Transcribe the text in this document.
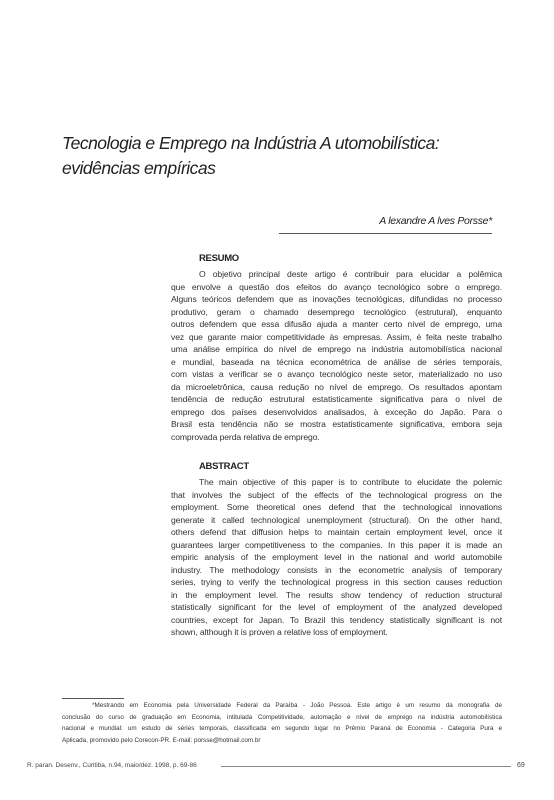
Tecnologia e Emprego na Indústria A utomobilística:
evidências empíricas
A lexandre A lves Porsse*
RESUMO
O objetivo principal deste artigo é contribuir para elucidar a polêmica
que envolve a questão dos efeitos do avanço tecnológico sobre o emprego.
Alguns teóricos defendem que as inovações tecnológicas, difundidas no processo
produtivo, geram o chamado desemprego tecnológico (estrutural), enquanto
outros defendem que essa difusão ajuda a manter certo nível de emprego, uma
vez que garante maior competitividade às empresas. Assim, é feita neste trabalho
uma análise empírica do nível de emprego na indústria automobilística nacional
e mundial, baseada na técnica econométrica de análise de séries temporais,
com vistas a verificar se o avanço tecnológico neste setor, materializado no uso
da microeletrônica, causa redução no nível de emprego. Os resultados apontam
tendência de redução estrutural estatisticamente significativa para o nível de
emprego dos países desenvolvidos analisados, à exceção do Japão. Para o
Brasil esta tendência não se mostra estatisticamente significativa, embora seja
comprovada perda relativa de emprego.
ABSTRACT
The main objective of this paper is to contribute to elucidate the polemic
that involves the subject of the effects of the technological progress on the
employment. Some theoretical ones defend that the technological innovations
generate it called technological unemployment (structural). On the other hand,
others defend that diffusion helps to maintain certain employment level, once it
guarantees larger competitiveness to the companies. In this paper it is made an
empiric analysis of the employment level in the national and world automobile
industry. The methodology consists in the econometric analysis of temporary
series, trying to verify the technological progress in this section causes reduction
in the employment level. The results show tendency of reduction structural
statistically significant for the level of employment of the analyzed developed
countries, except for Japan. To Brazil this tendency statistically significant is not
shown, although it is proven a relative loss of employment.
*Mestrando em Economia pela Universidade Federal da Paraíba - João Pessoa. Este artigo é um resumo da monografia de
conclusão do curso de graduação em Economia, intitulada Competitividade, automação e nível de emprego na indústria automobilística
nacional e mundial: um estudo de séries temporais, classificada em segundo lugar no Prêmio Paraná de Economia - Categoria Pura e
Aplicada, promovido pelo Corecon-PR. E-mail: porsse@hotmail.com.br
R. paran. Desenv., Curitiba, n.94, maio/dez. 1998, p. 69-86	69
